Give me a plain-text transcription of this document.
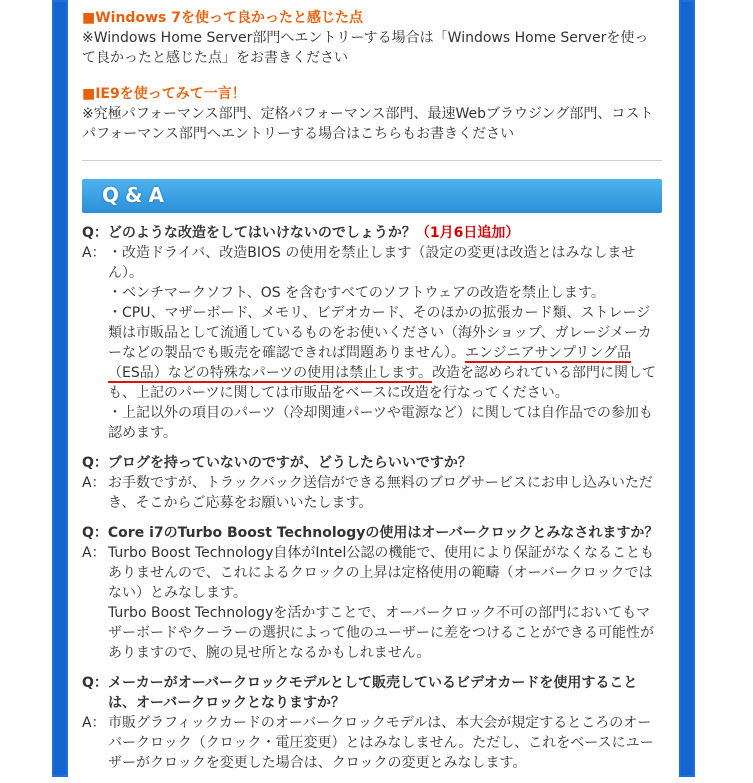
■Windows 7を使って良かったと感じた点
※Windows Home Server部門へエントリーする場合は「Windows Home Serverを使って良かったと感じた点」をお書きください
■IE9を使ってみて一言！
※究極パフォーマンス部門、定格パフォーマンス部門、最速Webブラウジング部門、コストパフォーマンス部門へエントリーする場合はこちらもお書きください
Q&A
Q：どのような改造をしてはいけないのでしょうか？（1月6日追加）
A： ・改造ドライバ、改造BIOS の使用を禁止します（設定の変更は改造とはみなしません）。

・ベンチマークソフト、OS を含むすべてのソフトウェアの改造を禁止します。

・CPU、マザーボード、メモリ、ビデオカード、そのほかの拡張カード類、ストレージ類は市販品として流通しているものをお使いください（海外ショップ、ガレージメーカーなどの製品でも販売を確認できれば問題ありません）。エンジニアサンプリング品（ES品）などの特殊なパーツの使用は禁止します。改造を認められている部門に関しても、上記のパーツに関しては市販品をベースに改造を行なってください。

・上記以外の項目のパーツ（冷却関連パーツや電源など）に関しては自作品での参加も認めます。

Q：ブログを持っていないのですが、どうしたらいいですか？
A： お手数ですが、トラックバック送信ができる無料のブログサービスにお申し込みいただき、そこからご応募をお願いいたします。

Q：Core i7のTurbo Boost Technologyの使用はオーバークロックとみなされますか？
A： Turbo Boost Technology自体がIntel公認の機能で、使用により保証がなくなることもありませんので、これによるクロックの上昇は定格使用の範疇（オーバークロックではない）とみなします。

Turbo Boost Technologyを活かすことで、オーバークロック不可の部門においてもマザーボードやクーラーの選択によって他のユーザーに差をつけることができる可能性がありますので、腕の見せ所となるかもしれません。

Q： メーカーがオーバークロックモデルとして販売しているビデオカードを使用することは、オーバークロックとなりますか？
A： 市販グラフィックカードのオーバークロックモデルは、本大会が規定するところのオーバークロック（クロック・電圧変更）とはみなしません。ただし、これをベースにユーザーがクロックを変更した場合は、クロックの変更とみなします。
